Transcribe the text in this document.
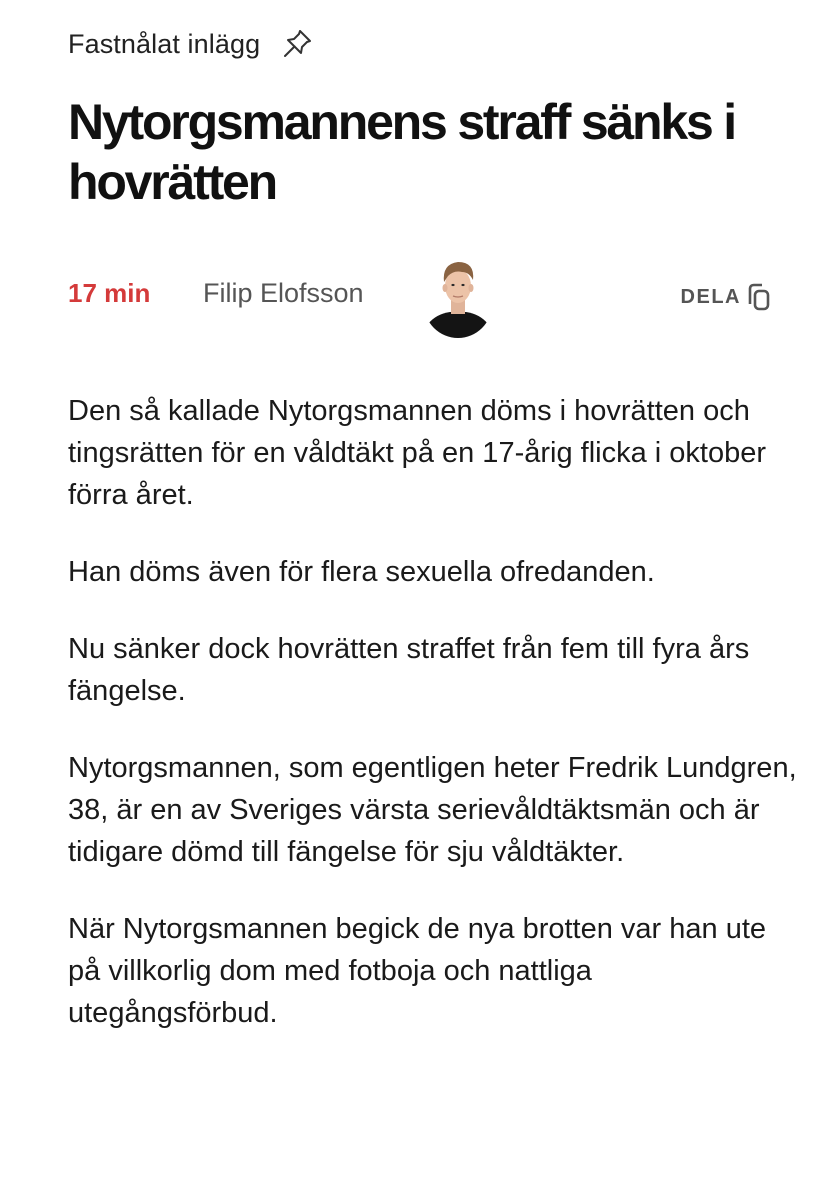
Fastnålat inlägg
Nytorgsmannens straff sänks i hovrätten
17 min Filip Elofsson	DELA

Den så kallade Nytorgsmannen döms i hovrätten och tingsrätten för en våldtäkt på en 17-årig flicka i oktober förra året.

Han döms även för flera sexuella ofredanden.

Nu sänker dock hovrätten straffet från fem till fyra års fängelse.

Nytorgsmannen, som egentligen heter Fredrik Lundgren, 38, är en av Sveriges värsta serievåldtäktsmän och är tidigare dömd till fängelse för sju våldtäkter.

När Nytorgsmannen begick de nya brotten var han ute på villkorlig dom med fotboja och nattliga utegångsförbud.
